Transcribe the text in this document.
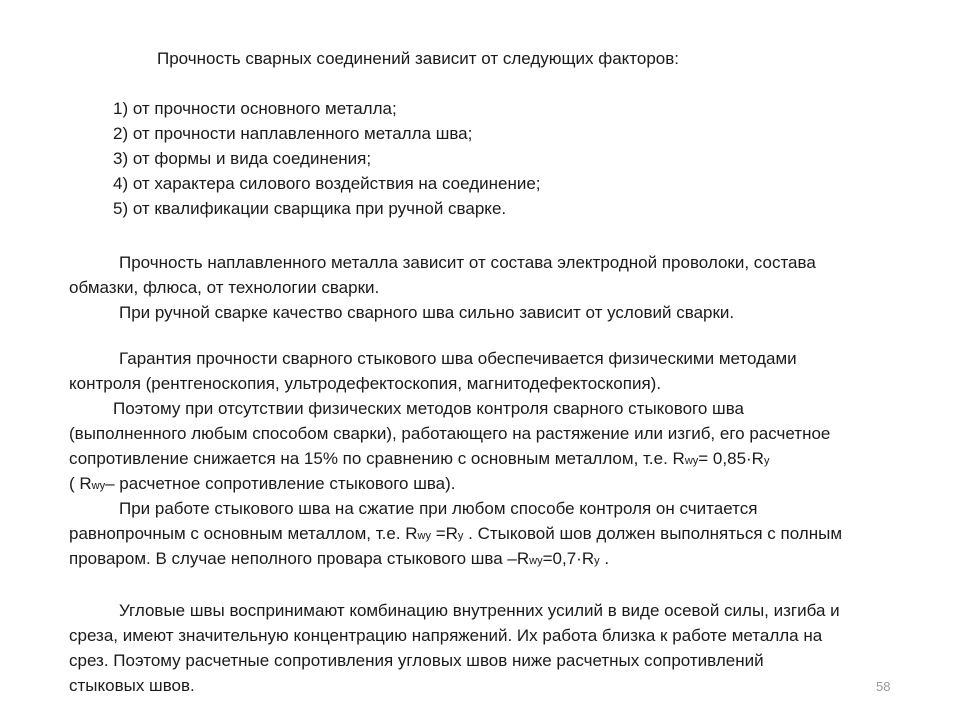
Прочность сварных соединений зависит от следующих факторов:
1) от прочности основного металла;
2) от прочности наплавленного металла шва;
3) от формы и вида соединения;
4) от характера силового воздействия на соединение;
5) от квалификации сварщика при ручной сварке.
Прочность наплавленного металла зависит от состава электродной проволоки, состава
обмазки, флюса, от технологии сварки.
При ручной сварке качество сварного шва сильно зависит от условий сварки.
Гарантия прочности сварного стыкового шва обеспечивается физическими методами
контроля (рентгеноскопия, ультродефектоскопия, магнитодефектоскопия).
Поэтому при отсутствии физических методов контроля сварного стыкового шва
(выполненного любым способом сварки), работающего на растяжение или изгиб, его расчетное
сопротивление снижается на 15% по сравнению с основным металлом, т.е. Rwy= 0,85·Ry
( Rwy– расчетное сопротивление стыкового шва).
При работе стыкового шва на сжатие при любом способе контроля он считается
равнопрочным с основным металлом, т.е. Rwy =Ry . Стыковой шов должен выполняться с полным
проваром. В случае неполного провара стыкового шва –Rwy=0,7·Ry .
Угловые швы воспринимают комбинацию внутренних усилий в виде осевой силы, изгиба и
среза, имеют значительную концентрацию напряжений. Их работа близка к работе металла на
срез. Поэтому расчетные сопротивления угловых швов ниже расчетных сопротивлений
стыковых швов.	58
